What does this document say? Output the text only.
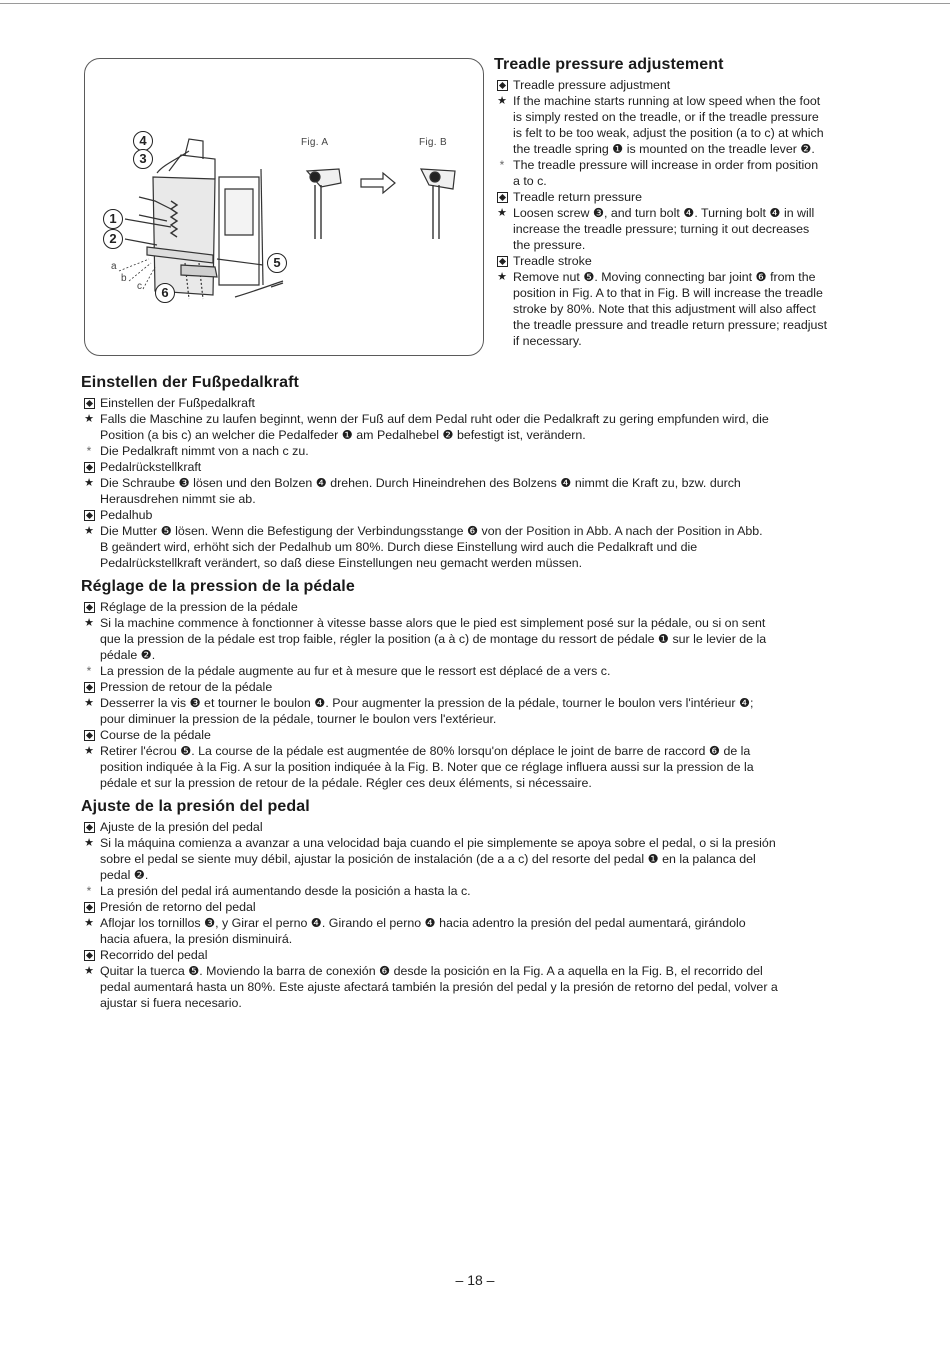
Fig. A	Fig. B
4
3
1
2
5
6
a
b
c
Treadle pressure adjustement
Treadle pressure adjustment
★ If the machine starts running at low speed when the foot
is simply rested on the treadle, or if the treadle pressure
is felt to be too weak, adjust the position (a to c) at which
the treadle spring ❶ is mounted on the treadle lever ❷.
* The treadle pressure will increase in order from position
a to c.
Treadle return pressure
★ Loosen screw ❸, and turn bolt ❹. Turning bolt ❹ in will
increase the treadle pressure; turning it out decreases
the pressure.
Treadle stroke
★ Remove nut ❺. Moving connecting bar joint ❻ from the
position in Fig. A to that in Fig. B will increase the treadle
stroke by 80%. Note that this adjustment will also affect
the treadle pressure and treadle return pressure; readjust
if necessary.
Einstellen der Fußpedalkraft
Einstellen der Fußpedalkraft
★ Falls die Maschine zu laufen beginnt, wenn der Fuß auf dem Pedal ruht oder die Pedalkraft zu gering empfunden wird, die
Position (a bis c) an welcher die Pedalfeder ❶ am Pedalhebel ❷ befestigt ist, verändern.
* Die Pedalkraft nimmt von a nach c zu.
Pedalrückstellkraft
★ Die Schraube ❸ lösen und den Bolzen ❹ drehen. Durch Hineindrehen des Bolzens ❹ nimmt die Kraft zu, bzw. durch
Herausdrehen nimmt sie ab.
Pedalhub
★ Die Mutter ❺ lösen. Wenn die Befestigung der Verbindungsstange ❻ von der Position in Abb. A nach der Position in Abb.
B geändert wird, erhöht sich der Pedalhub um 80%. Durch diese Einstellung wird auch die Pedalkraft und die
Pedalrückstellkraft verändert, so daß diese Einstellungen neu gemacht werden müssen.
Réglage de la pression de la pédale
Réglage de la pression de la pédale
★ Si la machine commence à fonctionner à vitesse basse alors que le pied est simplement posé sur la pédale, ou si on sent
que la pression de la pédale est trop faible, régler la position (a à c) de montage du ressort de pédale ❶ sur le levier de la
pédale ❷.
* La pression de la pédale augmente au fur et à mesure que le ressort est déplacé de a vers c.
Pression de retour de la pédale
★ Desserrer la vis ❸ et tourner le boulon ❹. Pour augmenter la pression de la pédale, tourner le boulon vers l'intérieur ❹;
pour diminuer la pression de la pédale, tourner le boulon vers l'extérieur.
Course de la pédale
★ Retirer l'écrou ❺. La course de la pédale est augmentée de 80% lorsqu'on déplace le joint de barre de raccord ❻ de la
position indiquée à la Fig. A sur la position indiquée à la Fig. B. Noter que ce réglage influera aussi sur la pression de la
pédale et sur la pression de retour de la pédale. Régler ces deux éléments, si nécessaire.
Ajuste de la presión del pedal
Ajuste de la presión del pedal
★ Si la máquina comienza a avanzar a una velocidad baja cuando el pie simplemente se apoya sobre el pedal, o si la presión
sobre el pedal se siente muy débil, ajustar la posición de instalación (de a a c) del resorte del pedal ❶ en la palanca del
pedal ❷.
* La presión del pedal irá aumentando desde la posición a hasta la c.
Presión de retorno del pedal
★ Aflojar los tornillos ❸, y Girar el perno ❹. Girando el perno ❹ hacia adentro la presión del pedal aumentará, girándolo
hacia afuera, la presión disminuirá.
Recorrido del pedal
★ Quitar la tuerca ❺. Moviendo la barra de conexión ❻ desde la posición en la Fig. A a aquella en la Fig. B, el recorrido del
pedal aumentará hasta un 80%. Este ajuste afectará también la presión del pedal y la presión de retorno del pedal, volver a
ajustar si fuera necesario.
– 18 –
